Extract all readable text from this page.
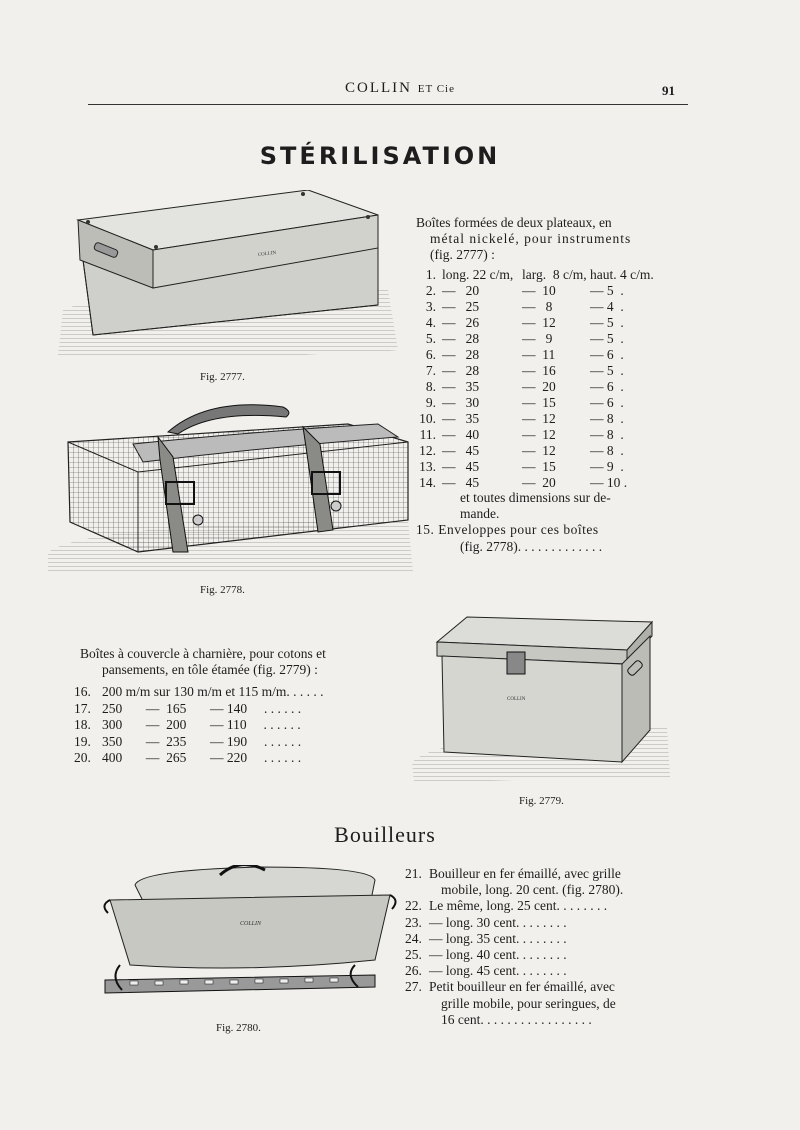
COLLIN ET Cie	91
STÉRILISATION
COLLIN
Fig. 2777.
Fig. 2778.
Boîtes formées de deux plateaux, en
métal nickelé, pour instruments
(fig. 2777) :
1. long. 22 c/m, larg.  8 c/m, haut. 4 c/m.
2. —   20	—  10	— 5  .
3. —   25	—   8	— 4  .
4. —   26	—  12	— 5  .
5. —   28	—   9	— 5  .
6. —   28	—  11	— 6  .
7. —   28	—  16	— 5  .
8. —   35	—  20	— 6  .
9. —   30	—  15	— 6  .
10. —   35	—  12	— 8  .
11. —   40	—  12	— 8  .
12. —   45	—  12	— 8  .
13. —   45	—  15	— 9  .
14. —   45	—  20	— 10 .
et toutes dimensions sur de-
mande.
15. Enveloppes pour ces boîtes
(fig. 2778). . . . . . . . . . . . .
Boîtes à couvercle à charnière, pour cotons et
pansements, en tôle étamée (fig. 2779) :
16. 200 m/m sur 130 m/m et 115 m/m. . . . . .
17. 250       —  165       — 140     . . . . . .
18. 300       —  200       — 110     . . . . . .
19. 350       —  235       — 190     . . . . . .
20. 400       —  265       — 220     . . . . . .
COLLIN
Fig. 2779.
Bouilleurs
COLLIN
Fig. 2780.
21. Bouilleur en fer émaillé, avec grille
mobile, long. 20 cent. (fig. 2780).
22. Le même, long. 25 cent. . . . . . . .
23. — long. 30 cent. . . . . . . .
24. — long. 35 cent. . . . . . . .
25. — long. 40 cent. . . . . . . .
26. — long. 45 cent. . . . . . . .
27. Petit bouilleur en fer émaillé, avec
grille mobile, pour seringues, de
16 cent. . . . . . . . . . . . . . . . .
